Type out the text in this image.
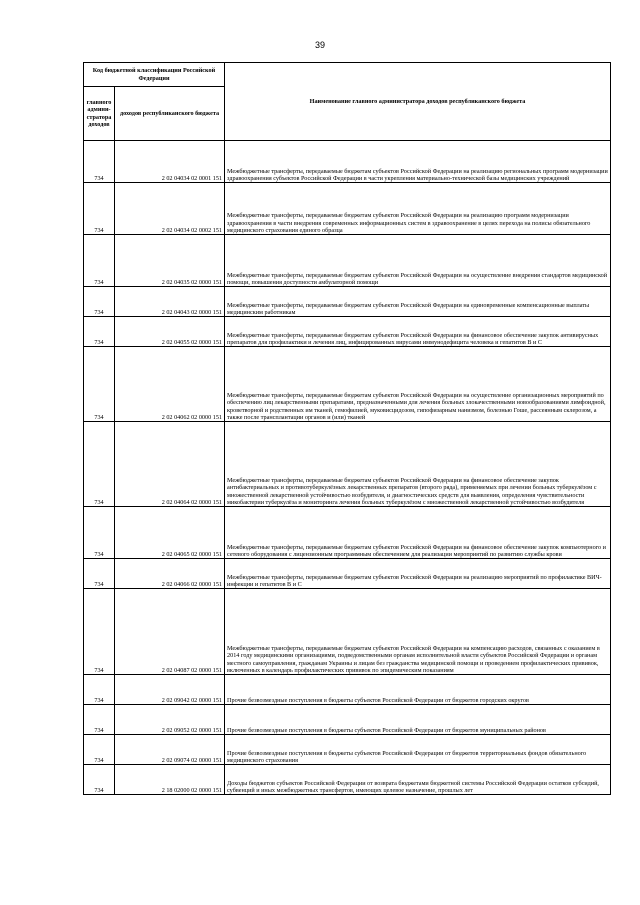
39
Код бюджетной классификации Российской Федерации		Наименование главного администратора доходов республиканского бюджета
главного админи-стратора доходов	доходов республиканского бюджета	
734	2 02 04034 02 0001 151	Межбюджетные трансферты, передаваемые бюджетам субъектов Российской Федерации на реализацию региональных программ модернизации здравоохранения субъектов Российской Федерации в части укрепления материально-технической базы медицинских учреждений
734	2 02 04034 02 0002 151	Межбюджетные трансферты, передаваемые бюджетам субъектов Российской Федерации на реализацию программ модернизации здравоохранения в части внедрения современных информационных систем в здравоохранение в целях перехода на полисы обязательного медицинского страхования единого образца
734	2 02 04035 02 0000 151	Межбюджетные трансферты, передаваемые бюджетам субъектов Российской Федерации на осуществление внедрения стандартов медицинской помощи, повышения доступности амбулаторной помощи
734	2 02 04043 02 0000 151	Межбюджетные трансферты, передаваемые бюджетам субъектов Российской Федерации на единовременные компенсационные выплаты медицинским работникам
734	2 02 04055 02 0000 151	Межбюджетные трансферты, передаваемые бюджетам субъектов Российской Федерации на финансовое обеспечение закупок антивирусных препаратов для профилактики и лечения лиц, инфицированных вирусами иммунодефицита человека и гепатитов B и C
734	2 02 04062 02 0000 151	Межбюджетные трансферты, передаваемые бюджетам субъектов Российской Федерации на осуществление организационных мероприятий по обеспечению лиц лекарственными препаратами, предназначенными для лечения больных злокачественными новообразованиями лимфоидной, кроветворной и родственных им тканей, гемофилией, муковисцидозом, гипофизарным нанизмом, болезнью Гоше, рассеянным склерозом, а также после трансплантации органов и (или) тканей
734	2 02 04064 02 0000 151	Межбюджетные трансферты, передаваемые бюджетам субъектов Российской Федерации на финансовое обеспечение закупок антибактериальных и противотуберкулёзных лекарственных препаратов (второго ряда), применяемых при лечении больных туберкулёзом с множественной лекарственной устойчивостью возбудителя, и диагностических средств для выявления, определения чувствительности микобактерии туберкулёза и мониторинга лечения больных туберкулёзом с множественной лекарственной устойчивостью возбудителя
734	2 02 04065 02 0000 151	Межбюджетные трансферты, передаваемые бюджетам субъектов Российской Федерации на финансовое обеспечение закупок компьютерного и сетевого оборудования с лицензионным программным обеспечением для реализации мероприятий по развитию службы крови
734	2 02 04066 02 0000 151	Межбюджетные трансферты, передаваемые бюджетам субъектов Российской Федерации на реализацию мероприятий по профилактике ВИЧ-инфекции и гепатитов B и C
734	2 02 04087 02 0000 151	Межбюджетные трансферты, передаваемые бюджетам субъектов Российской Федерации на компенсацию расходов, связанных с оказанием в 2014 году медицинскими организациями, подведомственными органам исполнительной власти субъектов Российской Федерации и органам местного самоуправления, гражданам Украины и лицам без гражданства медицинской помощи и проведением профилактических прививок, включенных в календарь профилактических прививок по эпидемическим показаниям
734	2 02 09042 02 0000 151	Прочие безвозмездные поступления в бюджеты субъектов Российской Федерации от бюджетов городских округов
734	2 02 09052 02 0000 151	Прочие безвозмездные поступления в бюджеты субъектов Российской Федерации от бюджетов муниципальных районов
734	2 02 09074 02 0000 151	Прочие безвозмездные поступления в бюджеты субъектов Российской Федерации от бюджетов территориальных фондов обязательного медицинского страхования
734	2 18 02000 02 0000 151	Доходы бюджетов субъектов Российской Федерации от возврата бюджетами бюджетной системы Российской Федерации остатков субсидий, субвенций и иных межбюджетных трансфертов, имеющих целевое назначение, прошлых лет
